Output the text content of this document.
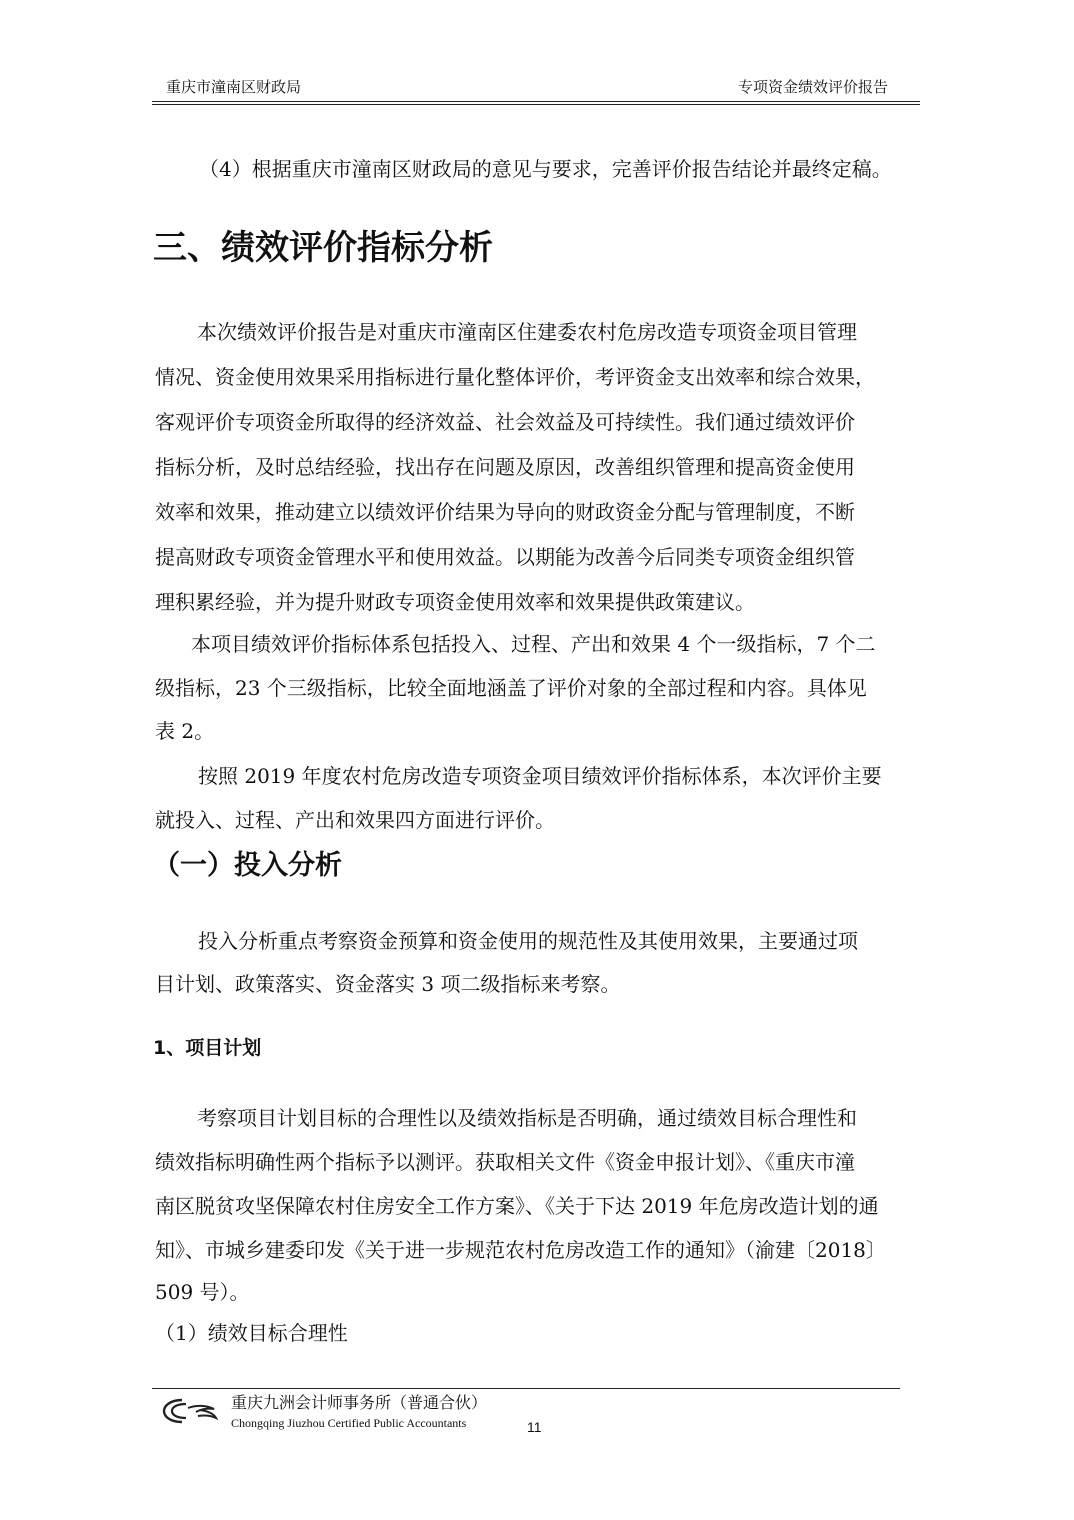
重庆市潼南区财政局	专项资金绩效评价报告
（4）根据重庆市潼南区财政局的意见与要求，完善评价报告结论并最终定稿。
三、绩效评价指标分析
本次绩效评价报告是对重庆市潼南区住建委农村危房改造专项资金项目管理
情况、资金使用效果采用指标进行量化整体评价，考评资金支出效率和综合效果，
客观评价专项资金所取得的经济效益、社会效益及可持续性。我们通过绩效评价
指标分析，及时总结经验，找出存在问题及原因，改善组织管理和提高资金使用
效率和效果，推动建立以绩效评价结果为导向的财政资金分配与管理制度，不断
提高财政专项资金管理水平和使用效益。以期能为改善今后同类专项资金组织管
理积累经验，并为提升财政专项资金使用效率和效果提供政策建议。
本项目绩效评价指标体系包括投入、过程、产出和效果 4 个一级指标，7 个二
级指标，23 个三级指标，比较全面地涵盖了评价对象的全部过程和内容。具体见
表 2。
按照 2019 年度农村危房改造专项资金项目绩效评价指标体系，本次评价主要
就投入、过程、产出和效果四方面进行评价。
（一）投入分析
投入分析重点考察资金预算和资金使用的规范性及其使用效果，主要通过项
目计划、政策落实、资金落实 3 项二级指标来考察。
1、项目计划
考察项目计划目标的合理性以及绩效指标是否明确，通过绩效目标合理性和
绩效指标明确性两个指标予以测评。获取相关文件《资金申报计划》、《重庆市潼
南区脱贫攻坚保障农村住房安全工作方案》、《关于下达 2019 年危房改造计划的通
知》、市城乡建委印发《关于进一步规范农村危房改造工作的通知》（渝建〔2018〕
509 号）。
（1）绩效目标合理性
重庆九洲会计师事务所（普通合伙）
Chongqing Jiuzhou Certified Public Accountants	11
